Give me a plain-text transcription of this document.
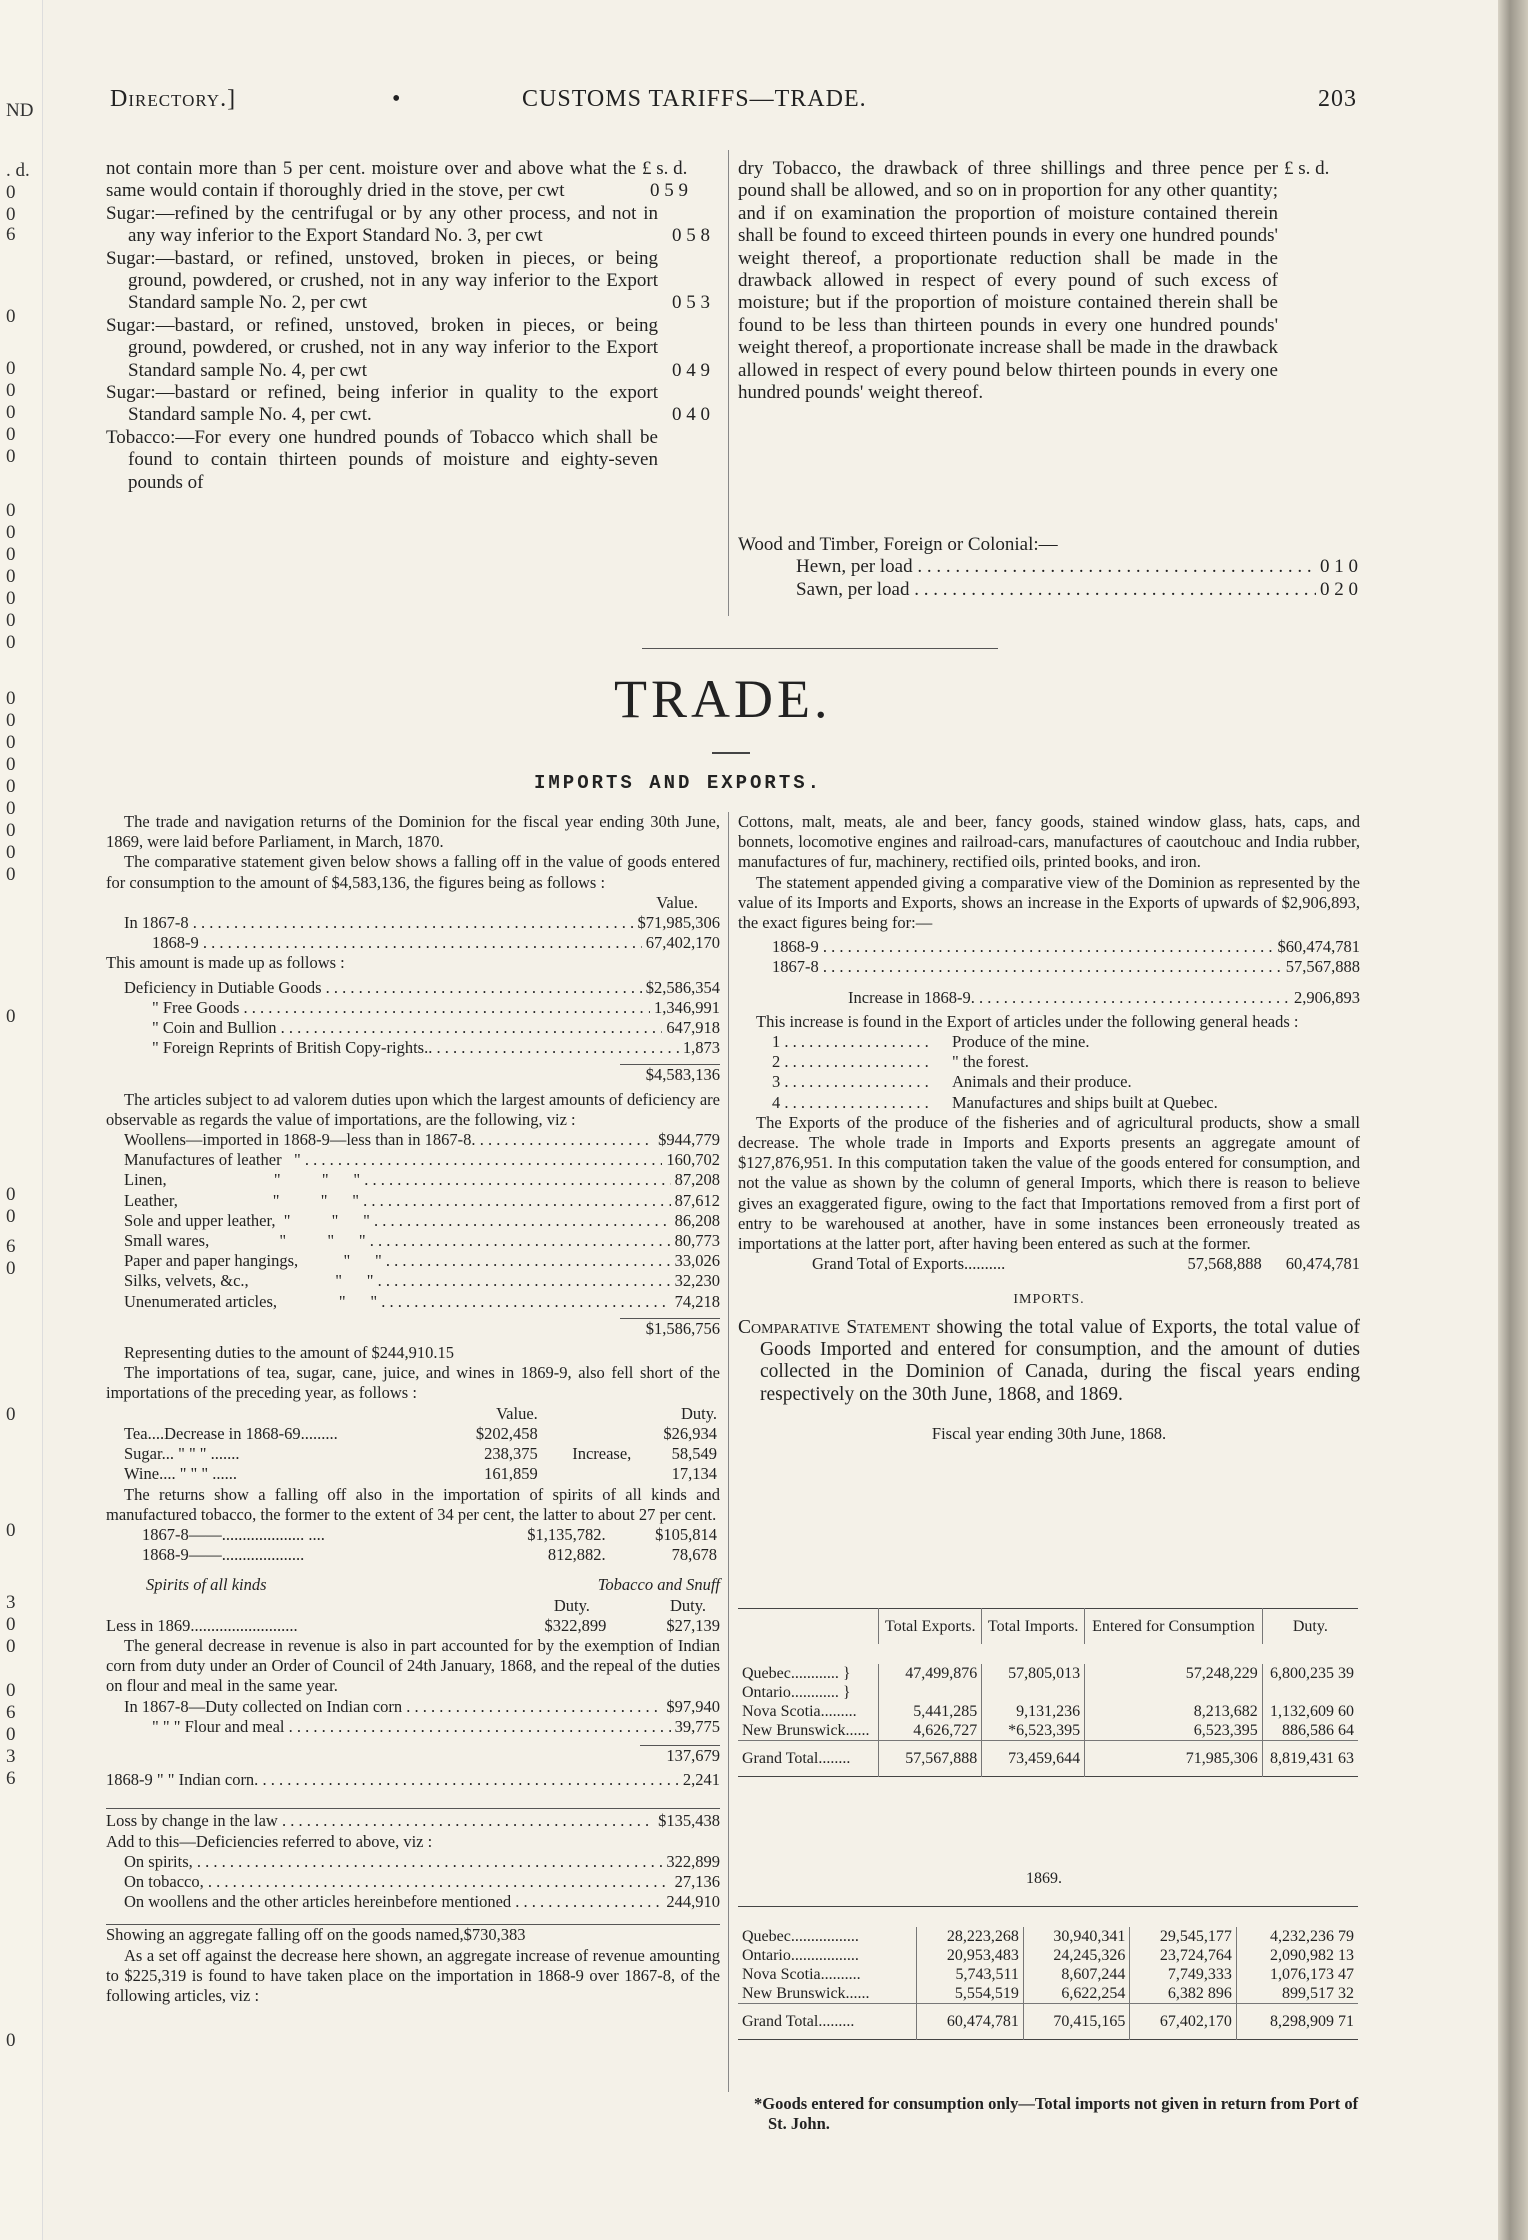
ND
. d.
0
0
6
0
0
0
0
0
0
0
0
0
0
0
0
0
0
0
0
0
0
0
0
0
0
0
0
0
6
0
0
0
3
0
0
0
6
0
3
6
0
Directory.]	•	CUSTOMS TARIFFS—TRADE.	203
not contain more than 5 per cent. moisture over and above what the same would contain if thoroughly dried in the stove, per cwt	0 5 9
Sugar:—refined by the centrifugal or by any other process, and not in any way inferior to the Export Standard No. 3, per cwt	0 5 8
Sugar:—bastard, or refined, unstoved, broken in pieces, or being ground, powdered, or crushed, not in any way inferior to the Export Standard sample No. 2, per cwt	0 5 3
Sugar:—bastard, or refined, unstoved, broken in pieces, or being ground, powdered, or crushed, not in any way inferior to the Export Standard sample No. 4, per cwt	0 4 9
Sugar:—bastard or refined, being inferior in quality to the export Standard sample No. 4, per cwt.	0 4 0
Tobacco:—For every one hundred pounds of Tobacco which shall be found to contain thirteen pounds of moisture and eighty-seven pounds of
£ s. d.	dry Tobacco, the drawback of three shillings and three pence per pound shall be allowed, and so on in proportion for any other quantity; and if on examination the proportion of moisture contained therein shall be found to exceed thirteen pounds in every one hundred pounds' weight thereof, a proportionate reduction shall be made in the drawback allowed in respect of every pound of such excess of moisture; but if the proportion of moisture contained therein shall be found to be less than thirteen pounds in every one hundred pounds' weight thereof, a proportionate increase shall be made in the drawback allowed in respect of every pound below thirteen pounds in every one hundred pounds' weight thereof.
£ s. d.
Wood and Timber, Foreign or Colonial:—
Hewn, per load . . .	0 1 0
Sawn, per load . . .	0 2 0
TRADE.
IMPORTS AND EXPORTS.
The trade and navigation returns of the Dominion for the fiscal year ending 30th June, 1869, were laid before Parliament, in March, 1870.
The comparative statement given below shows a falling off in the value of goods entered for consumption to the amount of $4,583,136, the figures being as follows :
Value.
In 1867-8 . . .	$71,985,306
1868-9 . . .	67,402,170
This amount is made up as follows :
Deficiency in Dutiable Goods . . .	$2,586,354
" Free Goods . . .	1,346,991
" Coin and Bullion . . .	647,918
" Foreign Reprints of British Copy-rights.. . . .	1,873
$4,583,136
The articles subject to ad valorem duties upon which the largest amounts of deficiency are observable as regards the value of importations, are the following, viz :
Woollens—imported in 1868-9—less than in 1867-8. . . .	$944,779
Manufactures of leather   " . . .	160,702
Linen,                          "          "      " . . .	87,208
Leather,                       "          "      " . . .	87,612
Sole and upper leather,  "          "      " . . .	86,208
Small wares,                 "          "      " . . .	80,773
Paper and paper hangings,           "      " . . .	33,026
Silks, velvets, &c.,                     "      " . . .	32,230
Unenumerated articles,               "      " . . .	74,218
$1,586,756
Representing duties to the amount of $244,910.15
The importations of tea, sugar, cane, juice, and wines in 1869-9, also fell short of the importations of the preceding year, as follows :
	Value.		Duty.
Tea....Decrease in 1868-69.........	$202,458		$26,934
Sugar... " " " .......	238,375	Increase,	58,549
Wine.... " " " ......	161,859		17,134
The returns show a falling off also in the importation of spirits of all kinds and manufactured tobacco, the former to the extent of 34 per cent, the latter to about 27 per cent.
1867-8——.................... ....	$1,135,782.	$105,814
1868-9——....................	812,882.	78,678
Spirits of all kinds	Tobacco and Snuff
Duty.	Duty.
Less in 1869..........................	$322,899	$27,139
The general decrease in revenue is also in part accounted for by the exemption of Indian corn from duty under an Order of Council of 24th January, 1868, and the repeal of the duties on flour and meal in the same year.
In 1867-8—Duty collected on Indian corn . . .	$97,940
" " " Flour and meal . . .	39,775
137,679
1868-9 " " Indian corn. . . .	2,241
Loss by change in the law . . .	$135,438
Add to this—Deficiencies referred to above, viz :
On spirits, . . .	322,899
On tobacco, . . .	27,136
On woollens and the other articles hereinbefore mentioned . . .	244,910
Showing an aggregate falling off on the goods named,$730,383
As a set off against the decrease here shown, an aggregate increase of revenue amounting to $225,319 is found to have taken place on the importation in 1868-9 over 1867-8, of the following articles, viz :
Cottons, malt, meats, ale and beer, fancy goods, stained window glass, hats, caps, and bonnets, locomotive engines and railroad-cars, manufactures of caoutchouc and India rubber, manufactures of fur, machinery, rectified oils, printed books, and iron.
The statement appended giving a comparative view of the Dominion as represented by the value of its Imports and Exports, shows an increase in the Exports of upwards of $2,906,893, the exact figures being for:—
1868-9 . . .	$60,474,781
1867-8 . . .	57,567,888
Increase in 1868-9. . . .	2,906,893
This increase is found in the Export of articles under the following general heads :
1 . . . . . . . . . . . . . . . . . .	Produce of the mine.
2 . . . . . . . . . . . . . . . . . .	" the forest.
3 . . . . . . . . . . . . . . . . . .	Animals and their produce.
4 . . . . . . . . . . . . . . . . . .	Manufactures and ships built at Quebec.
The Exports of the produce of the fisheries and of agricultural products, show a small decrease. The whole trade in Imports and Exports presents an aggregate amount of $127,876,951. In this computation taken the value of the goods entered for consumption, and not the value as shown by the column of general Imports, which there is reason to believe gives an exaggerated figure, owing to the fact that Importations removed from a first port of entry to be warehoused at another, have in some instances been erroneously treated as importations at the latter port, after having been entered as such at the former.
Grand Total of Exports..........	57,568,888	60,474,781
IMPORTS.
Comparative Statement showing the total value of Exports, the total value of Goods Imported and entered for consumption, and the amount of duties collected in the Dominion of Canada, during the fiscal years ending respectively on the 30th June, 1868, and 1869.
Fiscal year ending 30th June, 1868.
	Total Exports.	Total Imports.	Entered for Consumption	Duty.

Quebec............ }	47,499,876	57,805,013	57,248,229	6,800,235 39
Ontario............ }				
Nova Scotia.........	5,441,285	9,131,236	8,213,682	1,132,609 60
New Brunswick......	4,626,727	*6,523,395	6,523,395	886,586 64
Grand Total........	57,567,888	73,459,644	71,985,306	8,819,431 63
1869.

Quebec.................	28,223,268	30,940,341	29,545,177	4,232,236 79
Ontario.................	20,953,483	24,245,326	23,724,764	2,090,982 13
Nova Scotia..........	5,743,511	8,607,244	7,749,333	1,076,173 47
New Brunswick......	5,554,519	6,622,254	6,382 896	899,517 32
Grand Total.........	60,474,781	70,415,165	67,402,170	8,298,909 71
*Goods entered for consumption only—Total imports not given in return from Port of St. John.
